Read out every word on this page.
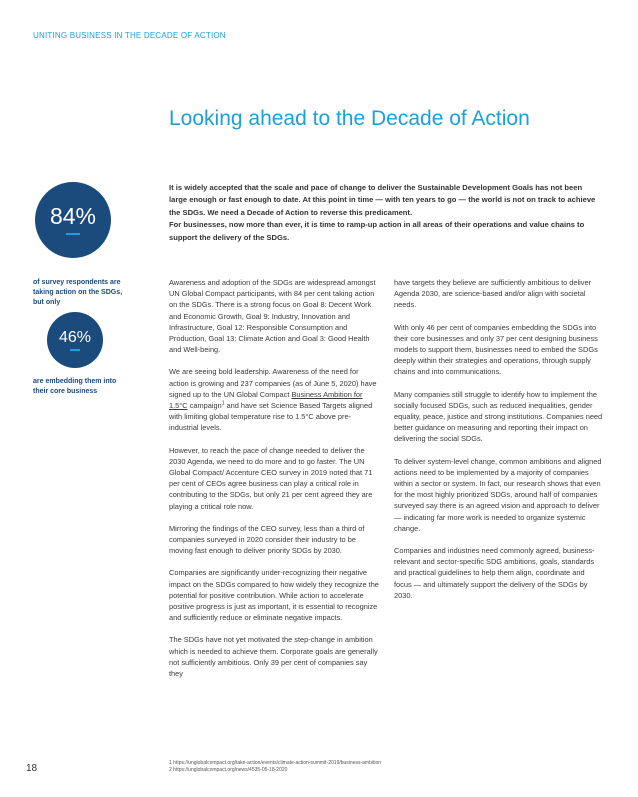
UNITING BUSINESS IN THE DECADE OF ACTION
Looking ahead to the Decade of Action

It is widely accepted that the scale and pace of change to deliver the Sustainable Development Goals has not been large enough or fast enough to date. At this point in time — with ten years to go — the world is not on track to achieve the SDGs. We need a Decade of Action to reverse this predicament.

For businesses, now more than ever, it is time to ramp-up action in all areas of their operations and value chains to support the delivery of the SDGs.

84%
of survey respondents are taking action on the SDGs, but only
46%
are embedding them into their core business

Awareness and adoption of the SDGs are widespread amongst UN Global Compact participants, with 84 per cent taking action on the SDGs. There is a strong focus on Goal 8: Decent Work and Economic Growth, Goal 9: Industry, Innovation and Infrastructure, Goal 12: Responsible Consumption and Production, Goal 13: Climate Action and Goal 3: Good Health and Well-being.

We are seeing bold leadership. Awareness of the need for action is growing and 237 companies (as of June 5, 2020) have signed up to the UN Global Compact Business Ambition for 1.5°C campaign$^1$ and have set Science Based Targets aligned with limiting global temperature rise to 1.5°C above pre-industrial levels.

However, to reach the pace of change needed to deliver the 2030 Agenda, we need to do more and to go faster. The UN Global Compact/ Accenture CEO survey in 2019 noted that 71 per cent of CEOs agree business can play a critical role in contributing to the SDGs, but only 21 per cent agreed they are playing a critical role now.

Mirroring the findings of the CEO survey, less than a third of companies surveyed in 2020 consider their industry to be moving fast enough to deliver priority SDGs by 2030.

Companies are significantly under-recognizing their negative impact on the SDGs compared to how widely they recognize the potential for positive contribution. While action to accelerate positive progress is just as important, it is essential to recognize and sufficiently reduce or eliminate negative impacts.

The SDGs have not yet motivated the step-change in ambition which is needed to achieve them. Corporate goals are generally not sufficiently ambitious. Only 39 per cent of companies say they

have targets they believe are sufficiently ambitious to deliver Agenda 2030, are science-based and/or align with societal needs.

With only 46 per cent of companies embedding the SDGs into their core businesses and only 37 per cent designing business models to support them, businesses need to embed the SDGs deeply within their strategies and operations, through supply chains and into communications.

Many companies still struggle to identify how to implement the socially focused SDGs, such as reduced inequalities, gender equality, peace, justice and strong institutions. Companies need better guidance on measuring and reporting their impact on delivering the social SDGs.

To deliver system-level change, common ambitions and aligned actions need to be implemented by a majority of companies within a sector or system. In fact, our research shows that even for the most highly prioritized SDGs, around half of companies surveyed say there is an agreed vision and approach to deliver — indicating far more work is needed to organize systemic change.

Companies and industries need commonly agreed, business-relevant and sector-specific SDG ambitions, goals, standards and practical guidelines to help them align, coordinate and focus — and ultimately support the delivery of the SDGs by 2030.

1 https://unglobalcompact.org/take-action/events/climate-action-summit-2019/business-ambition
2 https://unglobalcompact.org/news/4535-05-18-2020
18
